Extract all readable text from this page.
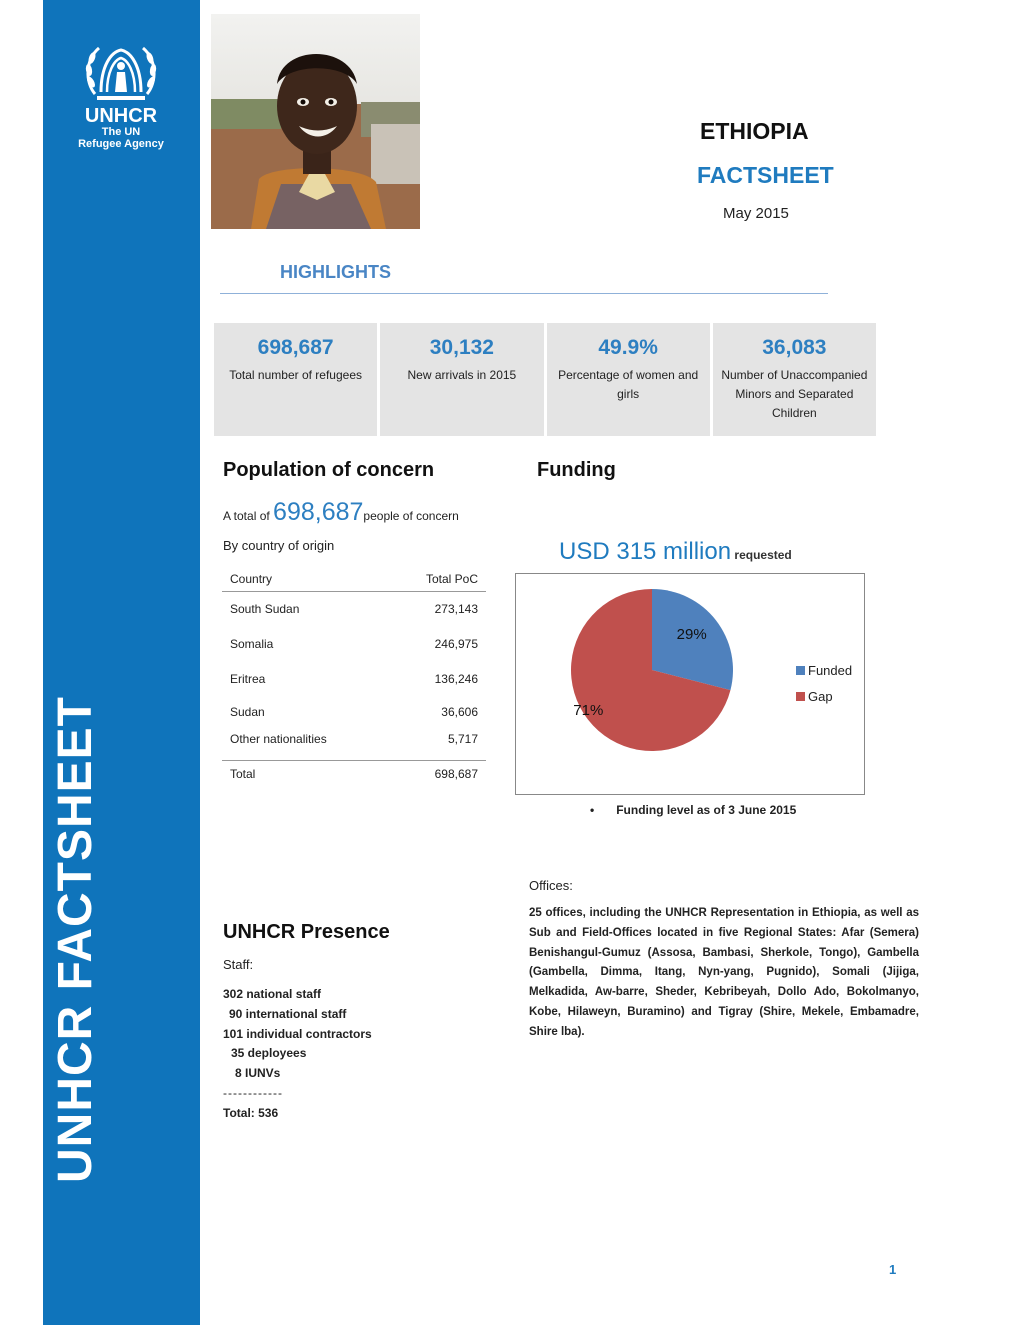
UNHCR
The UN
Refugee Agency
UNHCR FACTSHEET
ETHIOPIA
FACTSHEET
May 2015
HIGHLIGHTS
698,687
Total number of refugees
30,132
New arrivals in 2015
49.9%
Percentage of women and girls
36,083
Number of Unaccompanied Minors and Separated Children
Population of concern
A total of 698,687people of concern
By country of origin
Country	Total PoC
South Sudan	273,143
Somalia	246,975
Eritrea	136,246
Sudan	36,606
Other nationalities	5,717
Total	698,687
Funding
USD 315 million requested
29%
71%
Funded
Gap
• Funding level as of 3 June 2015
Offices:
25 offices, including the UNHCR Representation in Ethiopia, as well as Sub and Field-Offices located in five Regional States: Afar (Semera) Benishangul-Gumuz (Assosa, Bambasi, Sherkole, Tongo), Gambella (Gambella, Dimma, Itang, Nyn-yang, Pugnido), Somali (Jijiga, Melkadida, Aw-barre, Sheder, Kebribeyah, Dollo Ado, Bokolmanyo, Kobe, Hilaweyn, Buramino) and Tigray (Shire, Mekele, Embamadre, Shire lba).
UNHCR Presence
Staff:
302 national staff
90 international staff
101 individual contractors
35 deployees
8 IUNVs
------------
Total: 536
1
